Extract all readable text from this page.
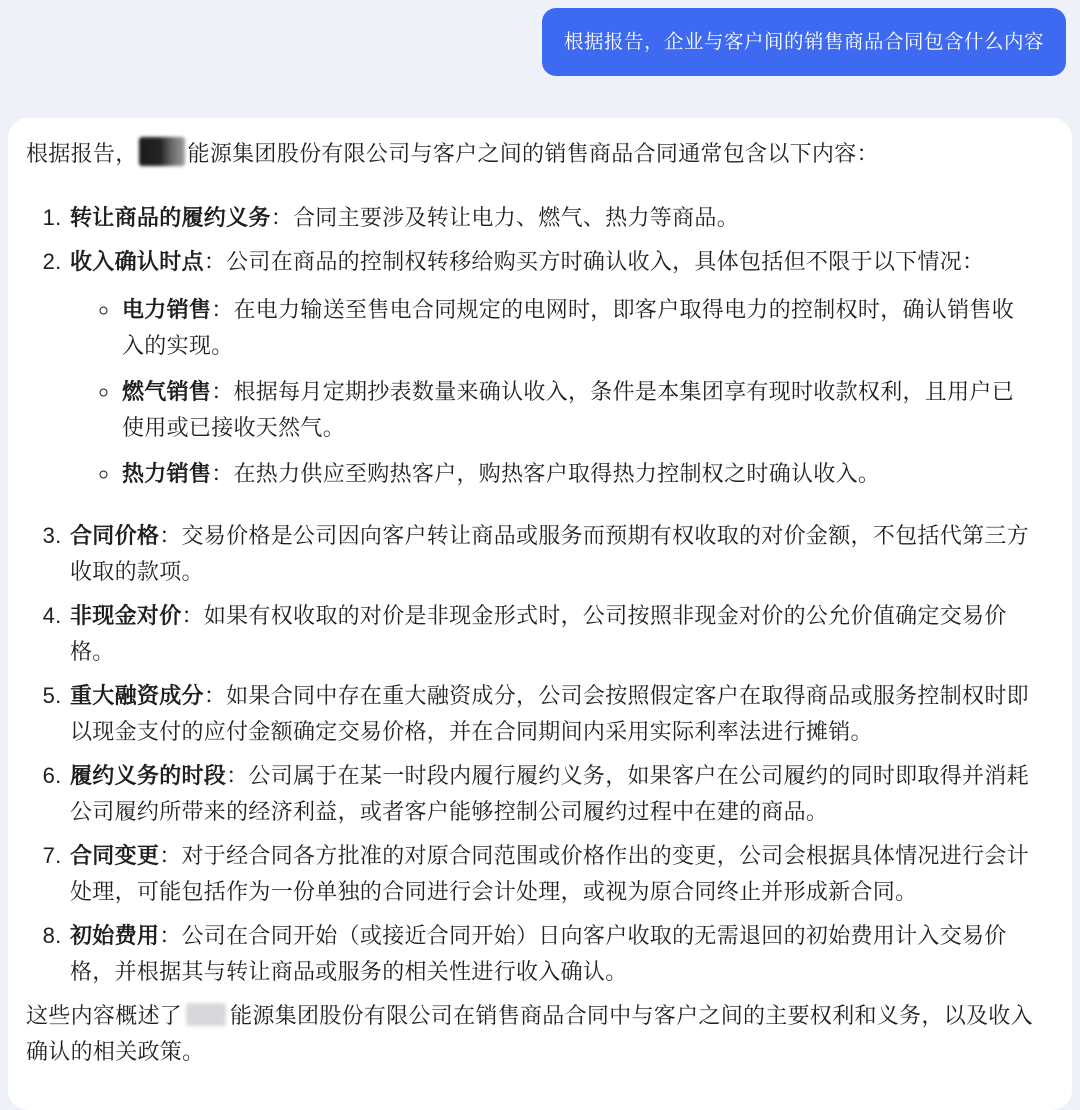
根据报告，企业与客户间的销售商品合同包含什么内容

根据报告， 能源集团股份有限公司与客户之间的销售商品合同通常包含以下内容：

1. 转让商品的履约义务：合同主要涉及转让电力、燃气、热力等商品。
2. 收入确认时点：公司在商品的控制权转移给购买方时确认收入，具体包括但不限于以下情况：
◦ 电力销售：在电力输送至售电合同规定的电网时，即客户取得电力的控制权时，确认销售收入的实现。
◦ 燃气销售：根据每月定期抄表数量来确认收入，条件是本集团享有现时收款权利，且用户已使用或已接收天然气。
◦ 热力销售：在热力供应至购热客户，购热客户取得热力控制权之时确认收入。
3. 合同价格：交易价格是公司因向客户转让商品或服务而预期有权收取的对价金额，不包括代第三方收取的款项。
4. 非现金对价：如果有权收取的对价是非现金形式时，公司按照非现金对价的公允价值确定交易价格。
5. 重大融资成分：如果合同中存在重大融资成分，公司会按照假定客户在取得商品或服务控制权时即以现金支付的应付金额确定交易价格，并在合同期间内采用实际利率法进行摊销。
6. 履约义务的时段：公司属于在某一时段内履行履约义务，如果客户在公司履约的同时即取得并消耗公司履约所带来的经济利益，或者客户能够控制公司履约过程中在建的商品。
7. 合同变更：对于经合同各方批准的对原合同范围或价格作出的变更，公司会根据具体情况进行会计处理，可能包括作为一份单独的合同进行会计处理，或视为原合同终止并形成新合同。
8. 初始费用：公司在合同开始（或接近合同开始）日向客户收取的无需退回的初始费用计入交易价格，并根据其与转让商品或服务的相关性进行收入确认。

这些内容概述了 能源集团股份有限公司在销售商品合同中与客户之间的主要权利和义务，以及收入确认的相关政策。
